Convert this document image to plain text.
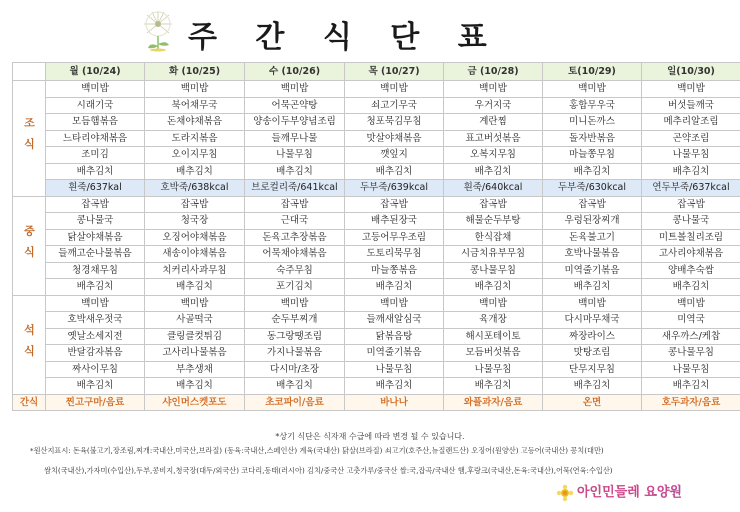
주 간 식 단 표
	월 (10/24)	화 (10/25)	수 (10/26)	목 (10/27)	금 (10/28)	토(10/29)	일(10/30)
조식	백미밥	백미밥	백미밥	백미밥	백미밥	백미밥	백미밥
	시래기국	북어채무국	어묵곤약탕	쇠고기무국	우거지국	홍합무우국	버섯들깨국
	모듬햄볶음	돈채야채볶음	양송이두부양념조림	청포묵김무침	계란찜	미니돈까스	메추리알조림
	느타리야채볶음	도라지볶음	들깨무나물	맛살야채볶음	표고버섯볶음	돌자반볶음	곤약조림
	조미김	오이지무침	나물무침	깻잎지	오복지무침	마늘쫑무침	나물무침
	배추김치	배추김치	배추김치	배추김치	배추김치	배추김치	배추김치
	흰죽/637kal	호박죽/638kcal	브로컬리죽/641kcal	두부죽/639kcal	흰죽/640kcal	두부죽/630kcal	연두부죽/637kcal
중식	잡곡밥	잡곡밥	잡곡밥	잡곡밥	잡곡밥	잡곡밥	잡곡밥
	콩나물국	청국장	근대국	배추된장국	해물순두부탕	우렁된장찌개	콩나물국
	닭살야채볶음	오징어야채볶음	돈육고추장볶음	고등어무우조림	한식잡채	돈육불고기	미트볼칠리조림
	들깨고순나물볶음	새송이야채볶음	어묵채야채볶음	도토리묵무침	시금치유부무침	호박나물볶음	고사리야채볶음
	청경채무침	치커리사과무침	숙주무침	마늘쫑볶음	콩나물무침	미역줄기볶음	양배추숙쌈
	배추김치	배추김치	포기김치	배추김치	배추김치	배추김치	배추김치
석식	백미밥	백미밥	백미밥	백미밥	백미밥	백미밥	백미밥
	호박새우젓국	사골떡국	순두부찌개	들깨새알심국	육개장	다시마무채국	미역국
	옛날소세지전	클링클컷튀김	동그랑땡조림	닭볶음탕	해시포테이토	짜장라이스	새우까스/케찹
	반달감자볶음	고사리나물볶음	가지나물볶음	미역줄기볶음	모듬버섯볶음	맛탕조림	콩나물무침
	짜사이무침	부추생채	다시마/초장	나물무침	나물무침	단무지무침	나물무침
	배추김치	배추김치	배추김치	배추김치	배추김치	배추김치	배추김치
간식	찐고구마/음료	샤인머스켓포도	초코파이/음료	바나나	와플과자/음료	온면	호두과자/음료
*상기 식단은 식자재 수급에 따라 변경 될 수 있습니다.
*원산지표시: 돈육(불고기,장조림,찌개:국내산,미국산,브라질) (동육:국내산,스페인산) 계육(국내산) 닭살(브라질) 쇠고기(호주산,뉴질랜드산) 오징어(원양산) 고등어(국내산) 꽁치(대만)
쌈치(국내산),가자미(수입산),두부,콩비지,청국장(대두/외국산) 코다리,동태(러시아) 김치/중국산 고춧가루/중국산 쌀:국,잡곡/국내산 햄,후랑크(국내산,돈육:국내산),어묵(연육:수입산)
아인민들레 요양원
